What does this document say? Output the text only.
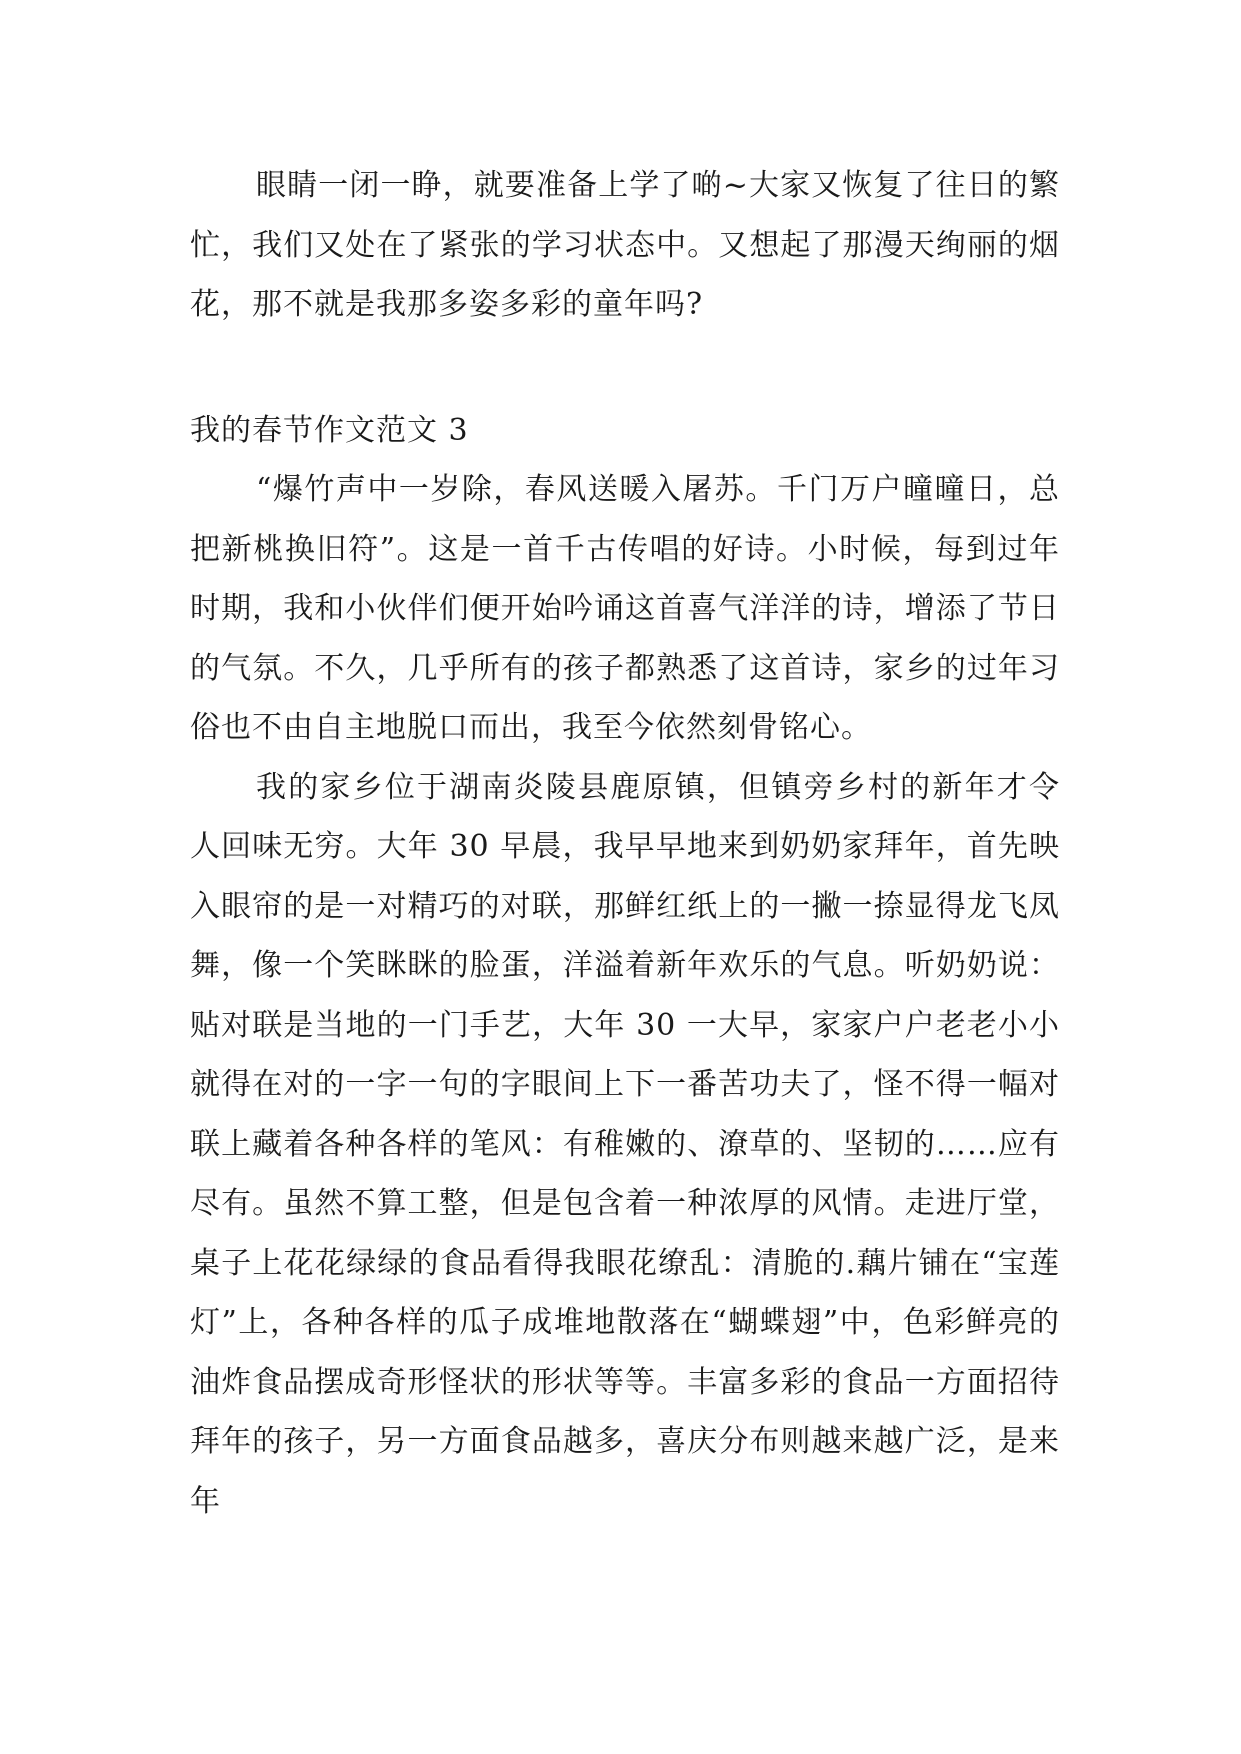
眼睛一闭一睁，就要准备上学了啲~大家又恢复了往日的繁忙，我们又处在了紧张的学习状态中。又想起了那漫天绚丽的烟花，那不就是我那多姿多彩的童年吗?

我的春节作文范文 3

“爆竹声中一岁除，春风送暖入屠苏。千门万户曈曈日，总把新桃换旧符”。这是一首千古传唱的好诗。小时候，每到过年时期，我和小伙伴们便开始吟诵这首喜气洋洋的诗，增添了节日的气氛。不久，几乎所有的孩子都熟悉了这首诗，家乡的过年习俗也不由自主地脱口而出，我至今依然刻骨铭心。

我的家乡位于湖南炎陵县鹿原镇，但镇旁乡村的新年才令人回味无穷。大年 30 早晨，我早早地来到奶奶家拜年，首先映入眼帘的是一对精巧的对联，那鲜红纸上的一撇一捺显得龙飞凤舞，像一个笑眯眯的脸蛋，洋溢着新年欢乐的气息。听奶奶说：贴对联是当地的一门手艺，大年 30 一大早，家家户户老老小小就得在对的一字一句的字眼间上下一番苦功夫了，怪不得一幅对联上藏着各种各样的笔风：有稚嫩的、潦草的、坚韧的……应有尽有。虽然不算工整，但是包含着一种浓厚的风情。走进厅堂，桌子上花花绿绿的食品看得我眼花缭乱：清脆的.藕片铺在“宝莲灯”上，各种各样的瓜子成堆地散落在“蝴蝶翅”中，色彩鲜亮的油炸食品摆成奇形怪状的形状等等。丰富多彩的食品一方面招待拜年的孩子，另一方面食品越多，喜庆分布则越来越广泛，是来年
